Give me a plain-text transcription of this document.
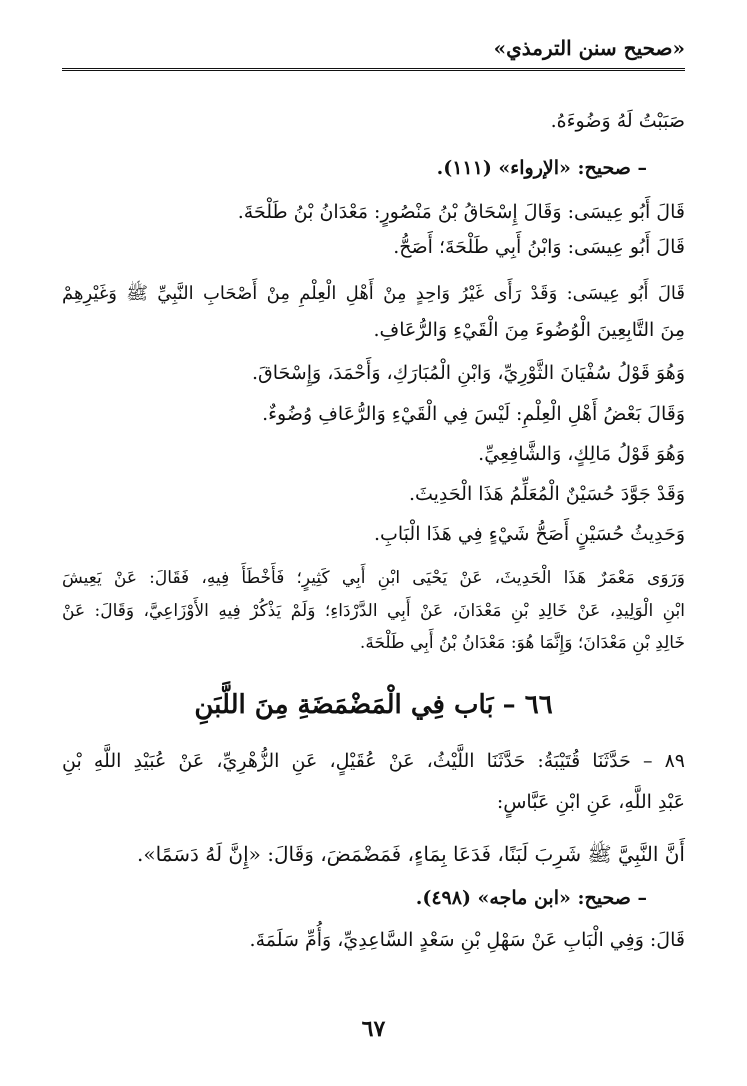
«صحيح سنن الترمذي»
صَبَبْتُ لَهُ وَضُوءَهُ.
– صحيح: «الإرواء» (١١١).
قَالَ أَبُو عِيسَى: وَقَالَ إِسْحَاقُ بْنُ مَنْصُورٍ: مَعْدَانُ بْنُ طَلْحَةَ.
قَالَ أَبُو عِيسَى: وَابْنُ أَبِي طَلْحَةَ؛ أَصَحُّ.
قَالَ أَبُو عِيسَى: وَقَدْ رَأَى غَيْرُ وَاحِدٍ مِنْ أَهْلِ الْعِلْمِ مِنْ أَصْحَابِ النَّبِيِّ ﷺ وَغَيْرِهِمْ
مِنَ التَّابِعِينَ الْوُضُوءَ مِنَ الْقَيْءِ وَالرُّعَافِ.
وَهُوَ قَوْلُ سُفْيَانَ الثَّوْرِيِّ، وَابْنِ الْمُبَارَكِ، وَأَحْمَدَ، وَإِسْحَاقَ.
وَقَالَ بَعْضُ أَهْلِ الْعِلْمِ: لَيْسَ فِي الْقَيْءِ وَالرُّعَافِ وُضُوءٌ.
وَهُوَ قَوْلُ مَالِكٍ، وَالشَّافِعِيِّ.
وَقَدْ جَوَّدَ حُسَيْنٌ الْمُعَلِّمُ هَذَا الْحَدِيثَ.
وَحَدِيثُ حُسَيْنٍ أَصَحُّ شَيْءٍ فِي هَذَا الْبَابِ.
وَرَوَى مَعْمَرٌ هَذَا الْحَدِيثَ، عَنْ يَحْيَى ابْنِ أَبِي كَثِيرٍ؛ فَأَخْطَأَ فِيهِ، فَقَالَ: عَنْ يَعِيشَ
ابْنِ الْوَلِيدِ، عَنْ خَالِدِ بْنِ مَعْدَانَ، عَنْ أَبِي الدَّرْدَاءِ؛ وَلَمْ يَذْكُرْ فِيهِ الأَوْزَاعِيَّ، وَقَالَ: عَنْ
خَالِدِ بْنِ مَعْدَانَ؛ وَإِنَّمَا هُوَ: مَعْدَانُ بْنُ أَبِي طَلْحَةَ.
٦٦ – بَاب فِي الْمَضْمَضَةِ مِنَ اللَّبَنِ
٨٩ – حَدَّثَنَا قُتَيْبَةُ: حَدَّثَنَا اللَّيْثُ، عَنْ عُقَيْلٍ، عَنِ الزُّهْرِيِّ، عَنْ عُبَيْدِ اللَّهِ بْنِ
عَبْدِ اللَّهِ، عَنِ ابْنِ عَبَّاسٍ:
أَنَّ النَّبِيَّ ﷺ شَرِبَ لَبَنًا، فَدَعَا بِمَاءٍ، فَمَضْمَضَ، وَقَالَ: «إِنَّ لَهُ دَسَمًا».
– صحيح: «ابن ماجه» (٤٩٨).
قَالَ: وَفِي الْبَابِ عَنْ سَهْلِ بْنِ سَعْدٍ السَّاعِدِيِّ، وَأُمِّ سَلَمَةَ.
٦٧
